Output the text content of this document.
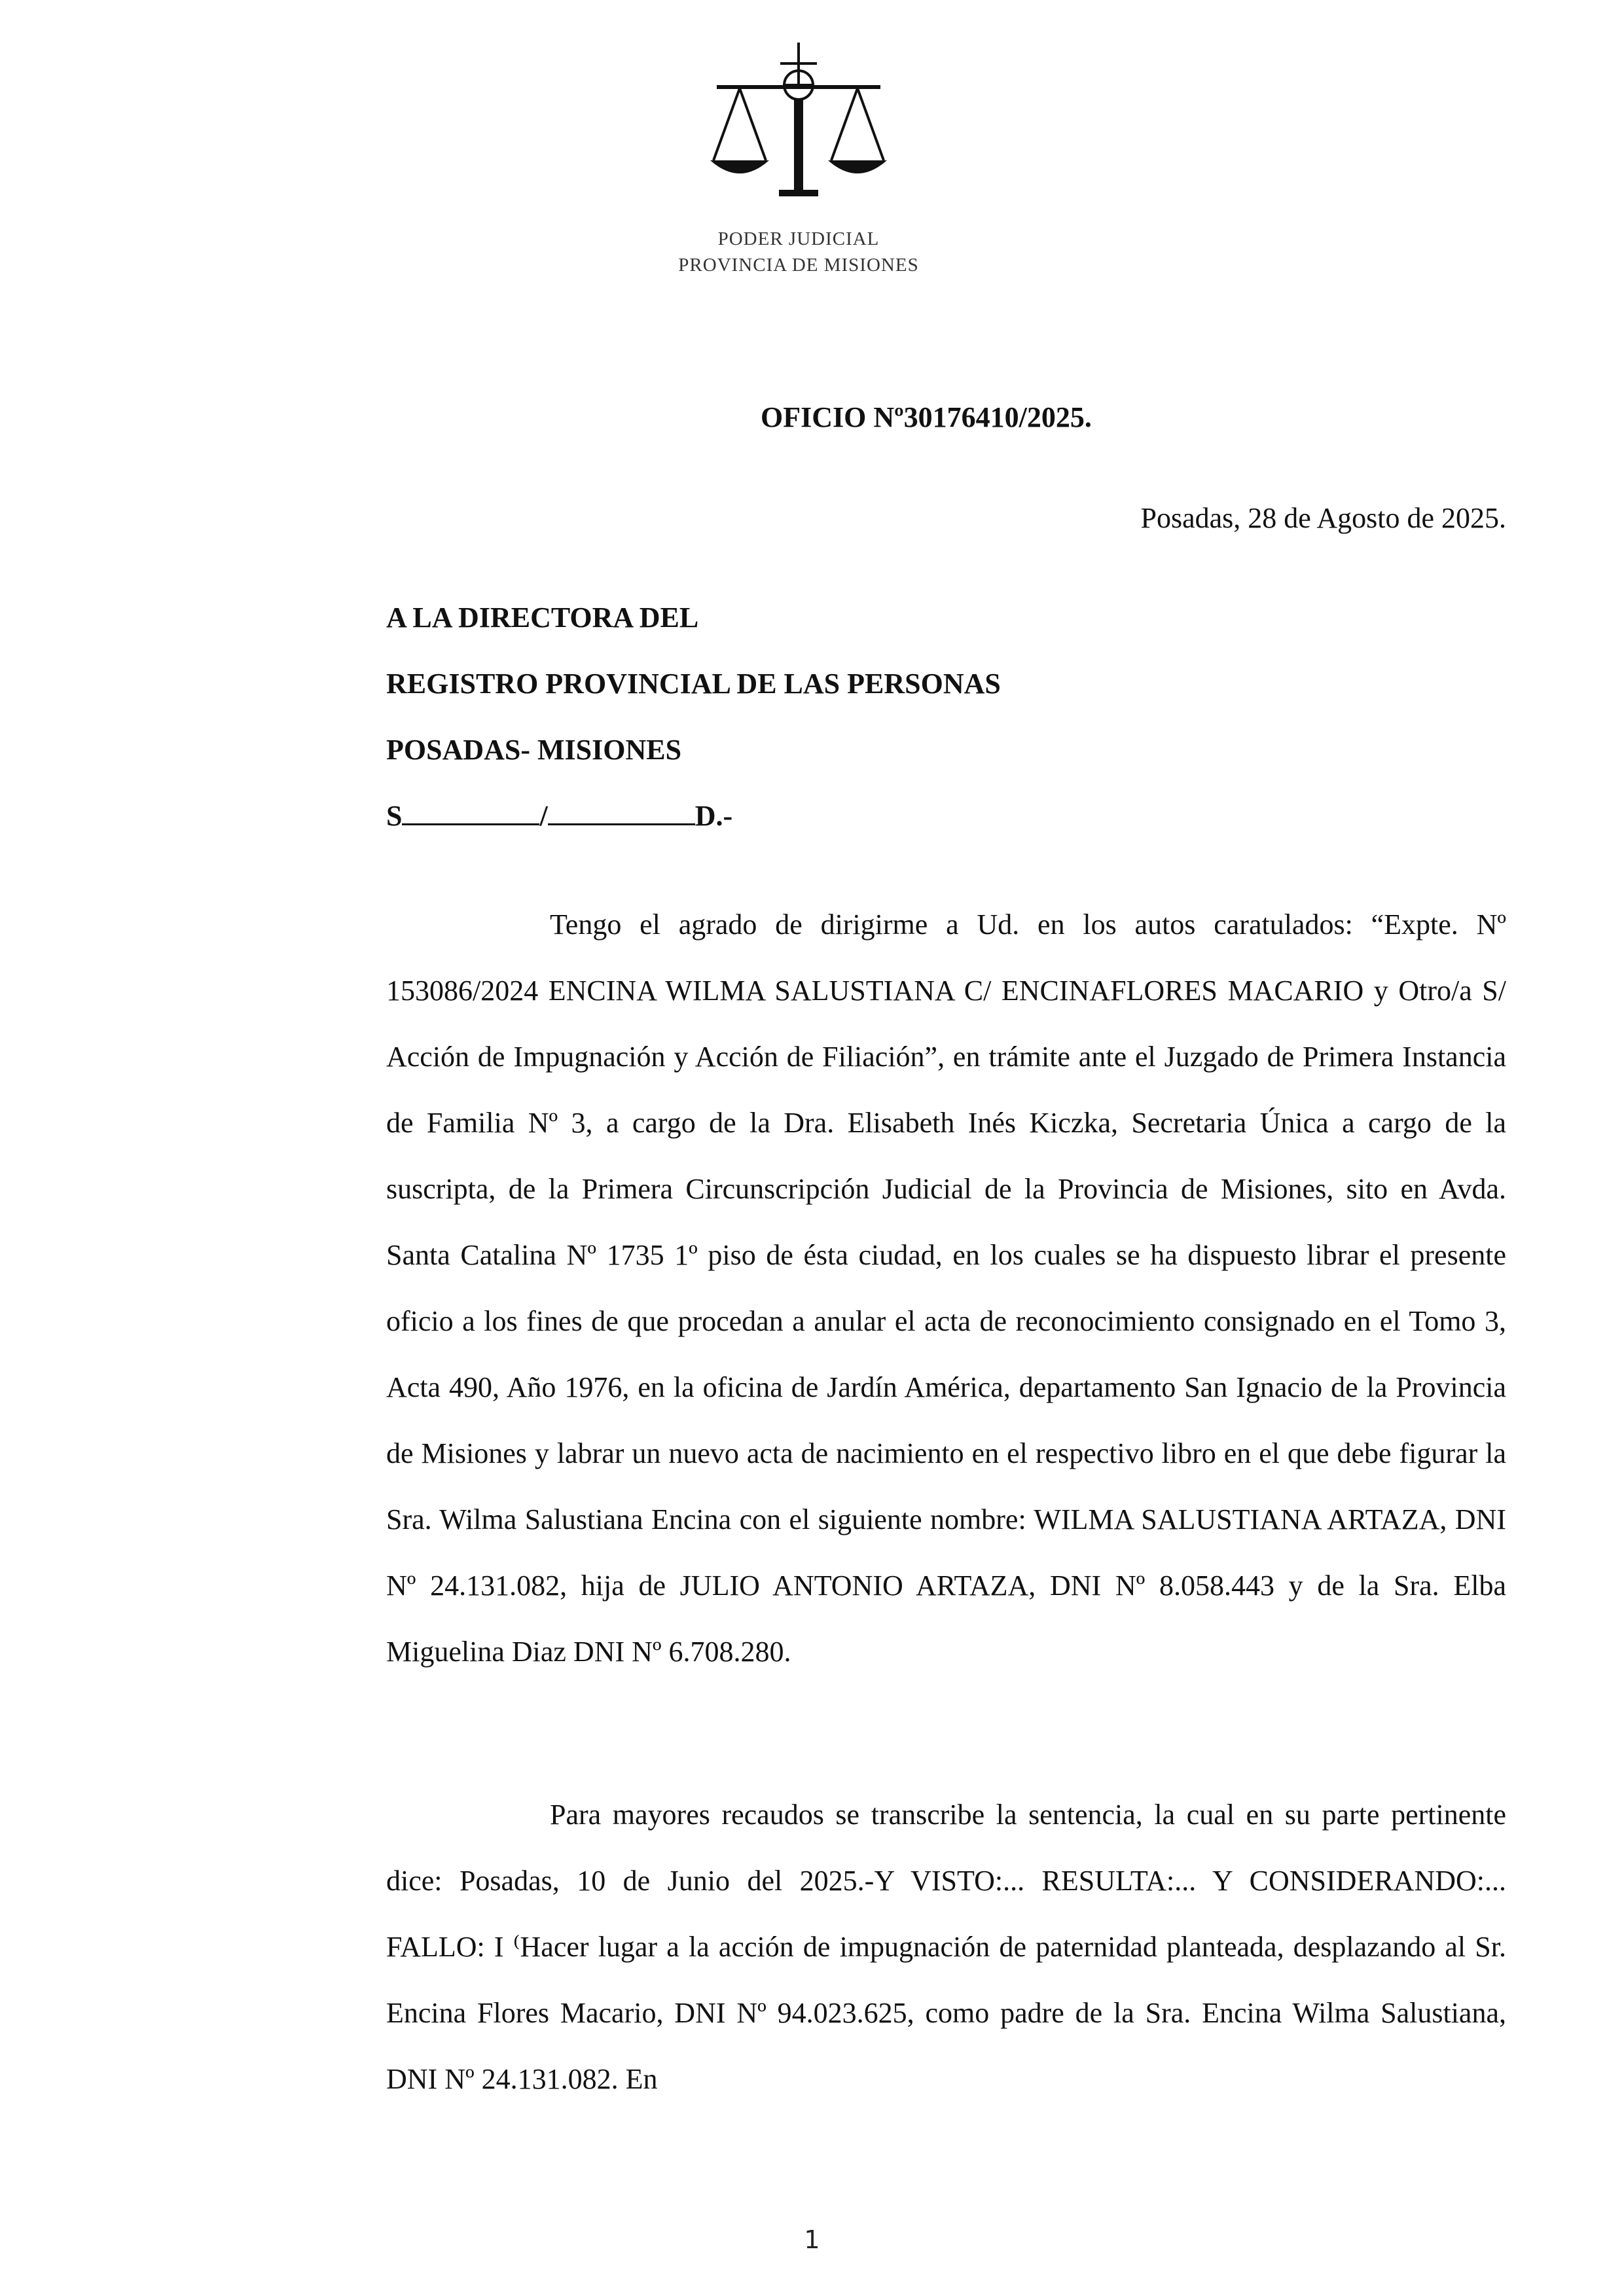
PODER JUDICIAL
PROVINCIA DE MISIONES
OFICIO Nº30176410/2025.
Posadas, 28 de Agosto de 2025.
A LA DIRECTORA DEL
REGISTRO PROVINCIAL DE LAS PERSONAS
POSADAS- MISIONES
S	/	D.-

Tengo el agrado de dirigirme a Ud. en los autos caratulados: “Expte. Nº 153086/2024 ENCINA WILMA SALUSTIANA C/ ENCINAFLORES MACARIO y Otro/a S/ Acción de Impugnación y Acción de Filiación”, en trámite ante el Juzgado de Primera Instancia de Familia Nº 3, a cargo de la Dra. Elisabeth Inés Kiczka, Secretaria Única a cargo de la suscripta, de la Primera Circunscripción Judicial de la Provincia de Misiones, sito en Avda. Santa Catalina Nº 1735 1º piso de ésta ciudad, en los cuales se ha dispuesto librar el presente oficio a los fines de que procedan a anular el acta de reconocimiento consignado en el Tomo 3, Acta 490, Año 1976, en la oficina de Jardín América, departamento San Ignacio de la Provincia de Misiones y labrar un nuevo acta de nacimiento en el respectivo libro en el que debe figurar la Sra. Wilma Salustiana Encina con el siguiente nombre: WILMA SALUSTIANA ARTAZA, DNI Nº 24.131.082, hija de JULIO ANTONIO ARTAZA, DNI Nº 8.058.443 y de la Sra. Elba Miguelina Diaz DNI Nº 6.708.280.

Para mayores recaudos se transcribe la sentencia, la cual en su parte pertinente dice: Posadas, 10 de Junio del 2025.-Y VISTO:... RESULTA:... Y CONSIDERANDO:... FALLO: I ⁽Hacer lugar a la acción de impugnación de paternidad planteada, desplazando al Sr. Encina Flores Macario, DNI Nº 94.023.625, como padre de la Sra. Encina Wilma Salustiana, DNI Nº 24.131.082. En

1
